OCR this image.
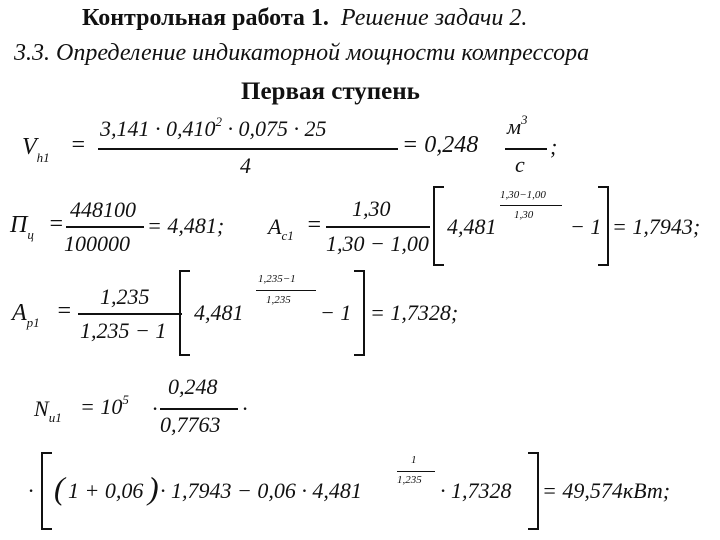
Контрольная работа 1. Решение задачи 2.
3.3. Определение индикаторной мощности компрессора
Первая ступень
$V_{h1}$ =
$3,141 \cdot 0,410^2 \cdot 0,075 \cdot 25$
4
= 0,248
$м^3$
с
;
$П_ц$ =
448100
100000
= 4,481; $A_{c1}$ =
1,30
1,30 − 1,00
4,481
1,30−1,00
1,30 − 1 = 1,7943;
$A_{p1}$ =
1,235
1,235 − 1
4,481
1,235−1
1,235 − 1 = 1,7328;
$N_{и1} = 10^5$ ·
0,248
0,7763
·
· ( 1 + 0,06 ) · 1,7943 − 0,06 · 4,481
1
1,235 · 1,7328 = 49,574кВт;
